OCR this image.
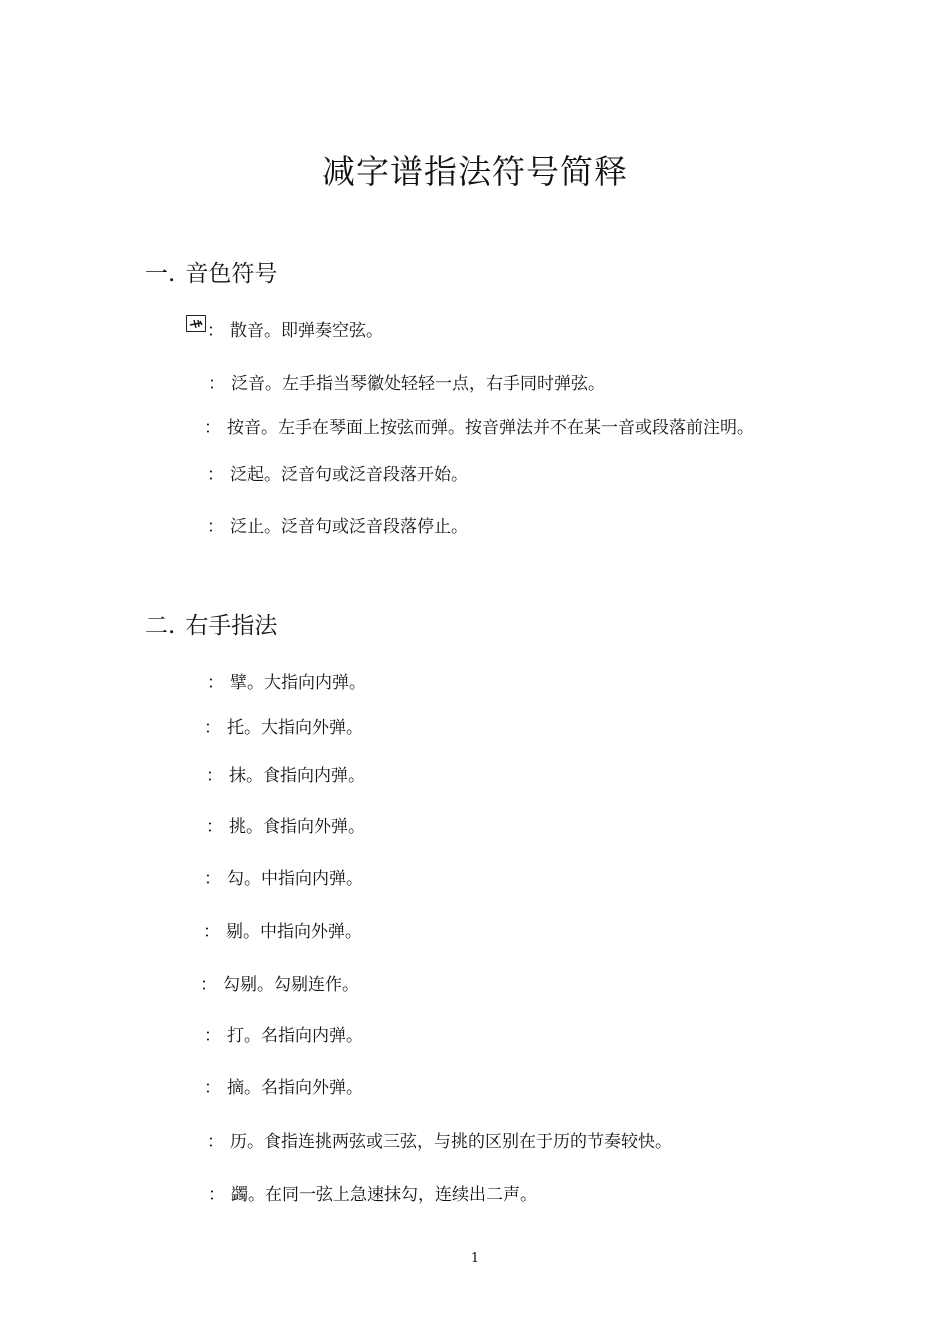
减字谱指法符号简释
一. 音色符号
： 散音。即弹奏空弦。
： 泛音。左手指当琴徽处轻轻一点，右手同时弹弦。
： 按音。左手在琴面上按弦而弹。按音弹法并不在某一音或段落前注明。
： 泛起。泛音句或泛音段落开始。
： 泛止。泛音句或泛音段落停止。
二. 右手指法
： 擘。大指向内弹。
： 托。大指向外弹。
： 抹。食指向内弹。
： 挑。食指向外弹。
： 勾。中指向内弹。
： 剔。中指向外弹。
： 勾剔。勾剔连作。
： 打。名指向内弹。
： 摘。名指向外弹。
： 历。食指连挑两弦或三弦，与挑的区别在于历的节奏较快。
： 蠲。在同一弦上急速抹勾，连续出二声。
1
